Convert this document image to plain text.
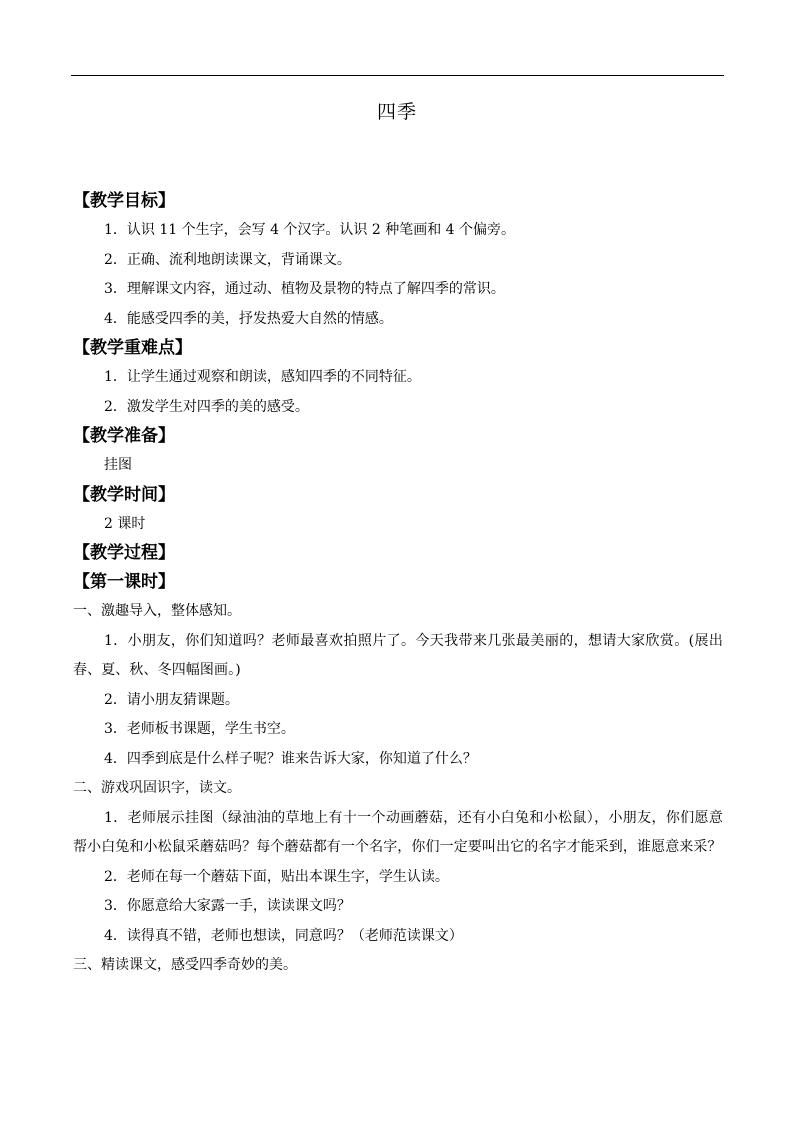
四季
【教学目标】
1．认识 11 个生字，会写 4 个汉字。认识 2 种笔画和 4 个偏旁。
2．正确、流利地朗读课文，背诵课文。
3．理解课文内容，通过动、植物及景物的特点了解四季的常识。
4．能感受四季的美，抒发热爱大自然的情感。
【教学重难点】
1．让学生通过观察和朗读，感知四季的不同特征。
2．激发学生对四季的美的感受。
【教学准备】
挂图
【教学时间】
2 课时
【教学过程】
【第一课时】
一、激趣导入，整体感知。
1．小朋友，你们知道吗？老师最喜欢拍照片了。今天我带来几张最美丽的，想请大家欣赏。(展出春、夏、秋、冬四幅图画。)
2．请小朋友猜课题。
3．老师板书课题，学生书空。
4．四季到底是什么样子呢？谁来告诉大家，你知道了什么？
二、游戏巩固识字，读文。
1．老师展示挂图（绿油油的草地上有十一个动画蘑菇，还有小白兔和小松鼠），小朋友，你们愿意帮小白兔和小松鼠采蘑菇吗？每个蘑菇都有一个名字，你们一定要叫出它的名字才能采到，谁愿意来采？
2．老师在每一个蘑菇下面，贴出本课生字，学生认读。
3．你愿意给大家露一手，读读课文吗？
4．读得真不错，老师也想读，同意吗？（老师范读课文）
三、精读课文，感受四季奇妙的美。
